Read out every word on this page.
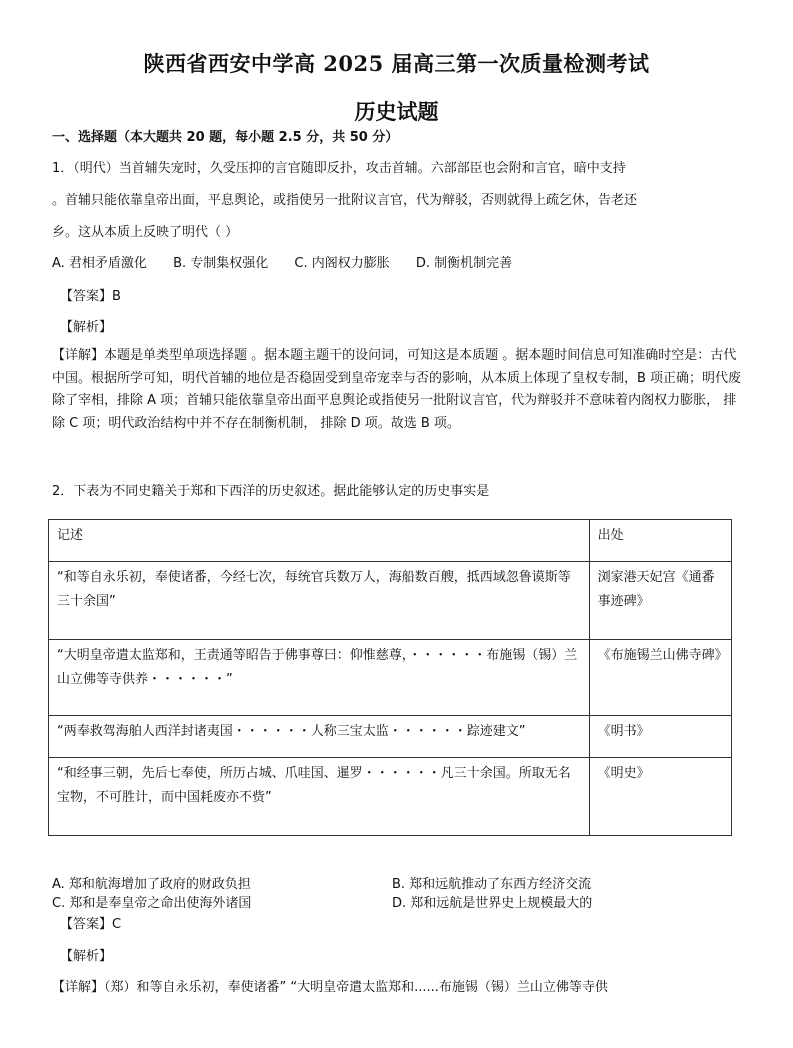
陕西省西安中学高 2025 届高三第一次质量检测考试
历史试题
一、选择题（本大题共 20 题，每小题 2.5 分，共 50 分）
1．（明代）当首辅失宠时，久受压抑的言官随即反扑，攻击首辅。六部部臣也会附和言官，暗中支持
。首辅只能依靠皇帝出面，平息舆论，或指使另一批附议言官，代为辩驳，否则就得上疏乞休，告老还
乡。这从本质上反映了明代（ ）
A. 君相矛盾激化 B. 专制集权强化 C. 内阁权力膨胀 D. 制衡机制完善
【答案】B
【解析】
【详解】本题是单类型单项选择题 。据本题主题干的设问词，可知这是本质题 。据本题时间信息可知准确时空是：古代中国。根据所学可知，明代首辅的地位是否稳固受到皇帝宠幸与否的影响，从本质上体现了皇权专制，B 项正确；明代废除了宰相，排除 A 项；首辅只能依靠皇帝出面平息舆论或指使另一批附议言官，代为辩驳并不意味着内阁权力膨胀， 排除 C 项；明代政治结构中并不存在制衡机制， 排除 D 项。故选 B 项。
2．下表为不同史籍关于郑和下西洋的历史叙述。据此能够认定的历史事实是
记述	出处
“和等自永乐初，奉使诸番，今经七次，每统官兵数万人，海船数百艘，抵西域忽鲁谟斯等三十余国”	浏家港天妃宫《通番事迹碑》
“大明皇帝遣太监郑和，王责通等昭告于佛事尊曰：仰惟慈尊，・・・・・・布施锡（锡）兰山立佛等寺供养・・・・・・”	《布施锡兰山佛寺碑》
“两奉救驾海舶人西洋封诸夷国・・・・・・人称三宝太监・・・・・・踪迹建文”	《明书》
“和经事三朝，先后七奉使，所历占城、爪哇国、暹罗・・・・・・凡三十余国。所取无名宝物，不可胜计，而中国耗废亦不赀”	《明史》
A. 郑和航海增加了政府的财政负担	B. 郑和远航推动了东西方经济交流
C. 郑和是奉皇帝之命出使海外诸国	D. 郑和远航是世界史上规模最大的
【答案】C
【解析】
【详解】（郑）和等自永乐初，奉使诸番” “大明皇帝遣太监郑和......布施锡（锡）兰山立佛等寺供
